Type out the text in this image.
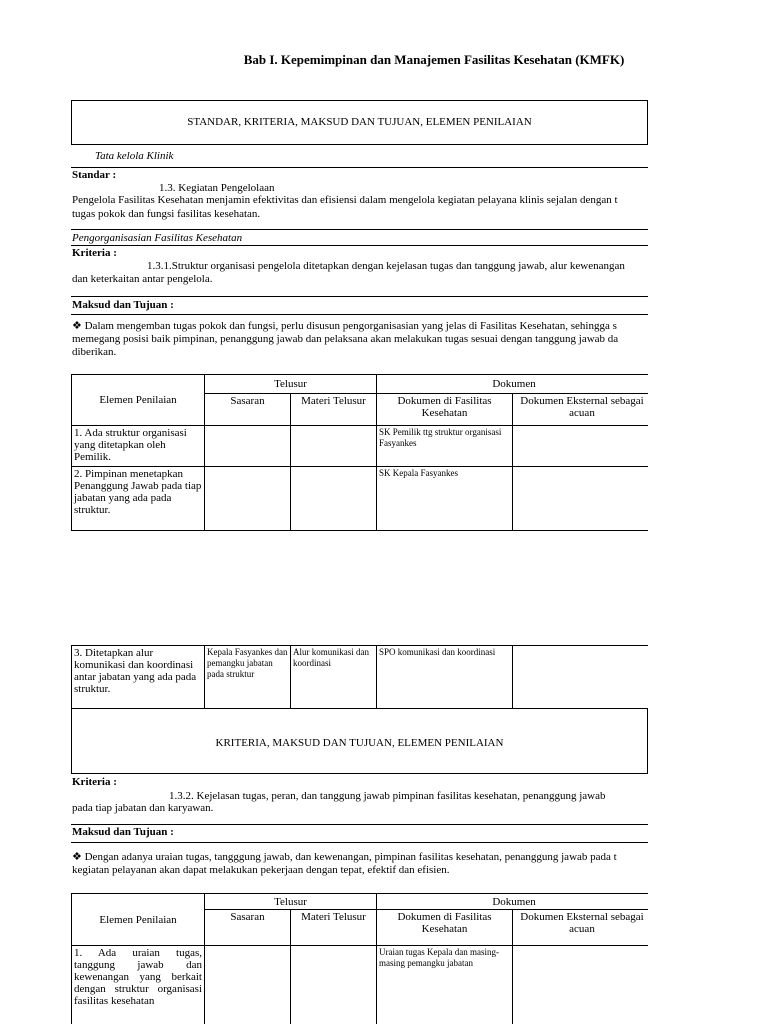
Bab I. Kepemimpinan dan Manajemen Fasilitas Kesehatan (KMFK)
STANDAR, KRITERIA, MAKSUD DAN TUJUAN, ELEMEN PENILAIAN
Tata kelola Klinik
Standar :
1.3. Kegiatan Pengelolaan
Pengelola Fasilitas Kesehatan menjamin efektivitas dan efisiensi dalam mengelola kegiatan pelayana klinis sejalan dengan t
tugas pokok dan fungsi fasilitas kesehatan.
Pengorganisasian Fasilitas Kesehatan
Kriteria :
1.3.1.Struktur organisasi pengelola ditetapkan dengan kejelasan tugas dan tanggung jawab, alur kewenangan
dan keterkaitan antar pengelola.
Maksud dan Tujuan :
❖ Dalam mengemban tugas pokok dan fungsi, perlu disusun pengorganisasian yang jelas di Fasilitas Kesehatan, sehingga s
memegang posisi baik pimpinan, penanggung jawab dan pelaksana akan melakukan tugas sesuai dengan tanggung jawab da
diberikan.
Elemen Penilaian	Telusur		Dokumen	
	Sasaran	Materi Telusur	Dokumen di Fasilitas Kesehatan	Dokumen Eksternal sebagai acuan
1. Ada struktur organisasi yang ditetapkan oleh Pemilik.			SK Pemilik ttg struktur organisasi Fasyankes	
2. Pimpinan menetapkan Penanggung Jawab pada tiap jabatan yang ada pada struktur.			SK Kepala Fasyankes	
3. Ditetapkan alur komunikasi dan koordinasi antar jabatan yang ada pada struktur.	Kepala Fasyankes dan pemangku jabatan pada struktur	Alur komunikasi dan koordinasi	SPO komunikasi dan koordinasi	
KRITERIA, MAKSUD DAN TUJUAN, ELEMEN PENILAIAN
Kriteria :
1.3.2. Kejelasan tugas, peran, dan tanggung jawab pimpinan fasilitas kesehatan, penanggung jawab
pada tiap jabatan dan karyawan.
Maksud dan Tujuan :
❖ Dengan adanya uraian tugas, tangggung jawab, dan kewenangan, pimpinan fasilitas kesehatan, penanggung jawab pada t
kegiatan pelayanan akan dapat melakukan pekerjaan dengan tepat, efektif dan efisien.
Elemen Penilaian	Telusur		Dokumen	
	Sasaran	Materi Telusur	Dokumen di Fasilitas Kesehatan	Dokumen Eksternal sebagai acuan
1. Ada uraian tugas, tanggung jawab dan kewenangan yang berkait dengan struktur organisasi fasilitas kesehatan			Uraian tugas Kepala dan masing-masing pemangku jabatan	
